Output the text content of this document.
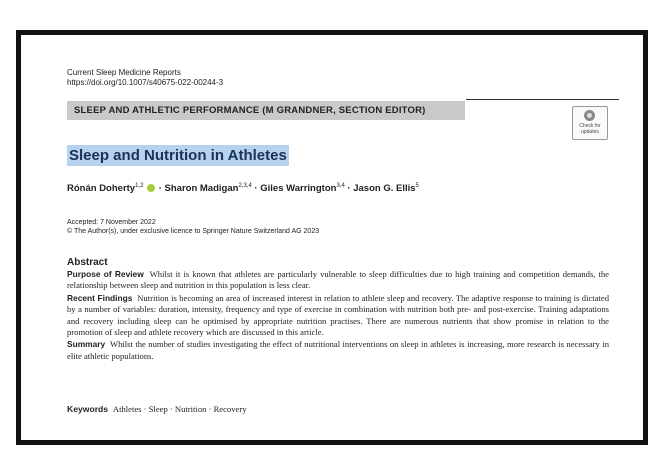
Current Sleep Medicine Reports
https://doi.org/10.1007/s40675-022-00244-3
SLEEP AND ATHLETIC PERFORMANCE (M GRANDNER, SECTION EDITOR)
Check for
updates
Sleep and Nutrition in Athletes
Rónán Doherty$^{1,2}$  · Sharon Madigan$^{2,3,4}$ · Giles Warrington$^{3,4}$ · Jason G. Ellis$^5$
Accepted: 7 November 2022
© The Author(s), under exclusive licence to Springer Nature Switzerland AG 2023
Abstract

Purpose of Review Whilst it is known that athletes are particularly vulnerable to sleep difficulties due to high training and competition demands, the relationship between sleep and nutrition in this population is less clear.

Recent Findings Nutrition is becoming an area of increased interest in relation to athlete sleep and recovery. The adaptive response to training is dictated by a number of variables: duration, intensity, frequency and type of exercise in combination with nutrition both pre- and post-exercise. Training adaptations and recovery including sleep can be optimised by appropriate nutrition practises. There are numerous nutrients that show promise in relation to the promotion of sleep and athlete recovery which are discussed in this article.

Summary Whilst the number of studies investigating the effect of nutritional interventions on sleep in athletes is increasing, more research is necessary in elite athletic populations.

Keywords Athletes · Sleep · Nutrition · Recovery
